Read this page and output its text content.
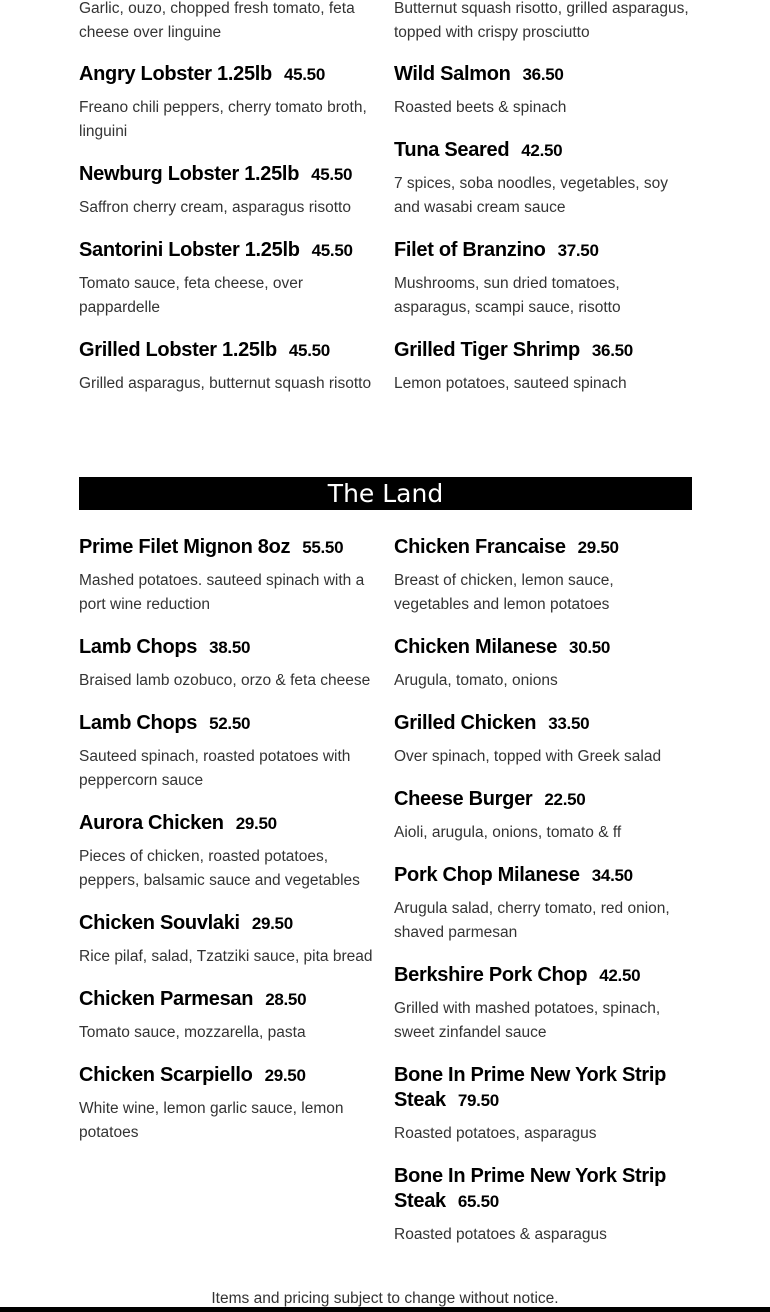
Garlic, ouzo, chopped fresh tomato, feta cheese over linguine
Angry Lobster 1.25lb 45.50
Freano chili peppers, cherry tomato broth, linguini
Newburg Lobster 1.25lb 45.50
Saffron cherry cream, asparagus risotto
Santorini Lobster 1.25lb 45.50
Tomato sauce, feta cheese, over pappardelle
Grilled Lobster 1.25lb 45.50
Grilled asparagus, butternut squash risotto
Butternut squash risotto, grilled asparagus, topped with crispy prosciutto
Wild Salmon 36.50
Roasted beets & spinach
Tuna Seared 42.50
7 spices, soba noodles, vegetables, soy and wasabi cream sauce
Filet of Branzino 37.50
Mushrooms, sun dried tomatoes, asparagus, scampi sauce, risotto
Grilled Tiger Shrimp 36.50
Lemon potatoes, sauteed spinach
The Land
Prime Filet Mignon 8oz 55.50
Mashed potatoes. sauteed spinach with a port wine reduction
Lamb Chops 38.50
Braised lamb ozobuco, orzo & feta cheese
Lamb Chops 52.50
Sauteed spinach, roasted potatoes with peppercorn sauce
Aurora Chicken 29.50
Pieces of chicken, roasted potatoes, peppers, balsamic sauce and vegetables
Chicken Souvlaki 29.50
Rice pilaf, salad, Tzatziki sauce, pita bread
Chicken Parmesan 28.50
Tomato sauce, mozzarella, pasta
Chicken Scarpiello 29.50
White wine, lemon garlic sauce, lemon potatoes
Chicken Francaise 29.50
Breast of chicken, lemon sauce, vegetables and lemon potatoes
Chicken Milanese 30.50
Arugula, tomato, onions
Grilled Chicken 33.50
Over spinach, topped with Greek salad
Cheese Burger 22.50
Aioli, arugula, onions, tomato & ff
Pork Chop Milanese 34.50
Arugula salad, cherry tomato, red onion, shaved parmesan
Berkshire Pork Chop 42.50
Grilled with mashed potatoes, spinach, sweet zinfandel sauce
Bone In Prime New York Strip Steak 79.50
Roasted potatoes, asparagus
Bone In Prime New York Strip Steak 65.50
Roasted potatoes & asparagus
Items and pricing subject to change without notice.
